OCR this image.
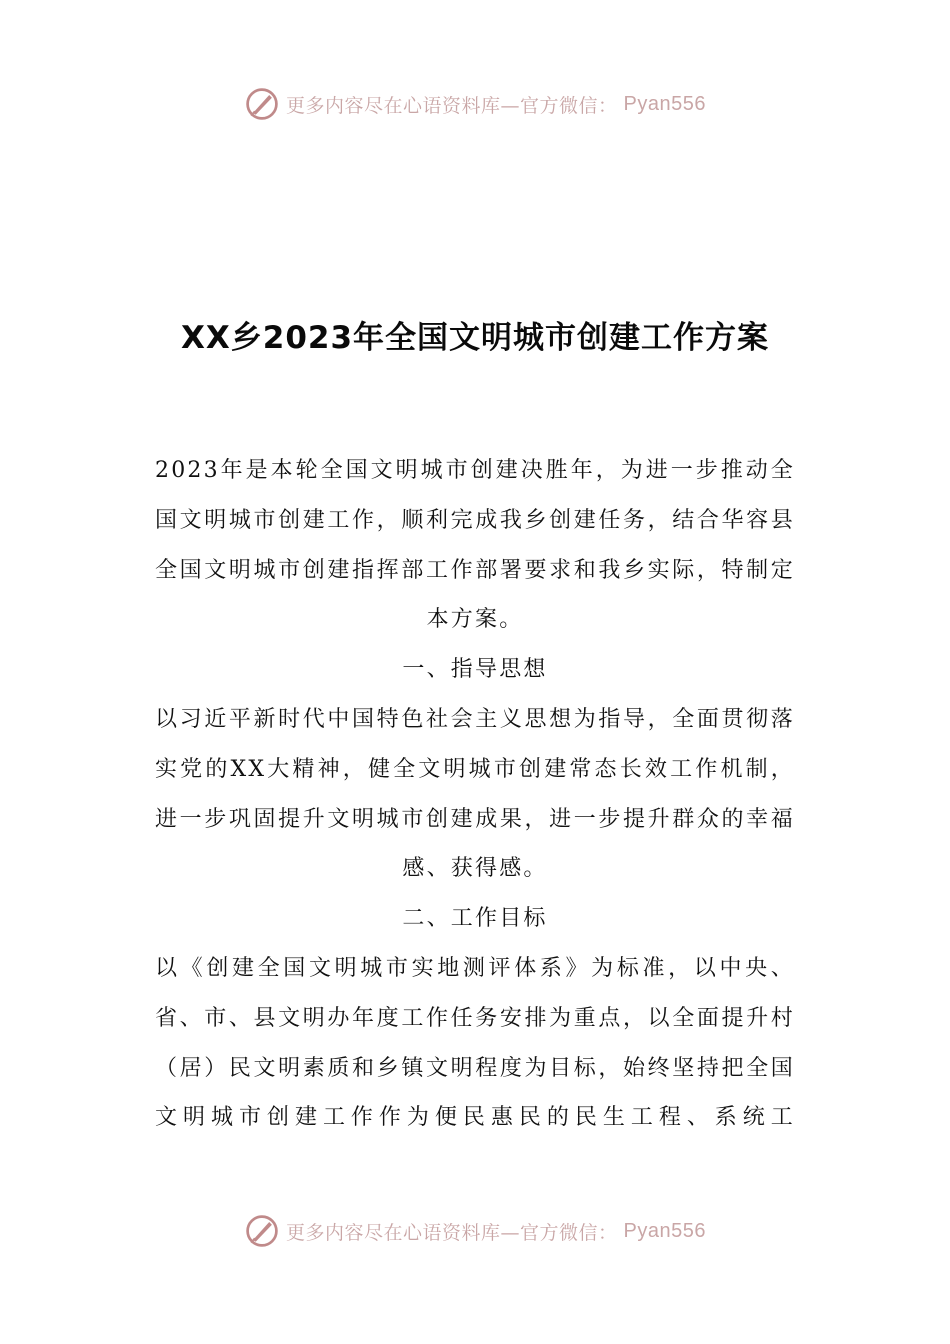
更多内容尽在心语资料库—官方微信： Pyan556
XX乡2023年全国文明城市创建工作方案

2023年是本轮全国文明城市创建决胜年，为进一步推动全国文明城市创建工作，顺利完成我乡创建任务，结合华容县全国文明城市创建指挥部工作部署要求和我乡实际，特制定本方案。

一、指导思想

以习近平新时代中国特色社会主义思想为指导，全面贯彻落实党的XX大精神，健全文明城市创建常态长效工作机制，进一步巩固提升文明城市创建成果，进一步提升群众的幸福感、获得感。

二、工作目标

以《创建全国文明城市实地测评体系》为标准，以中央、省、市、县文明办年度工作任务安排为重点，以全面提升村（居）民文明素质和乡镇文明程度为目标，始终坚持把全国文明城市创建工作作为便民惠民的民生工程、系统工

更多内容尽在心语资料库—官方微信： Pyan556
